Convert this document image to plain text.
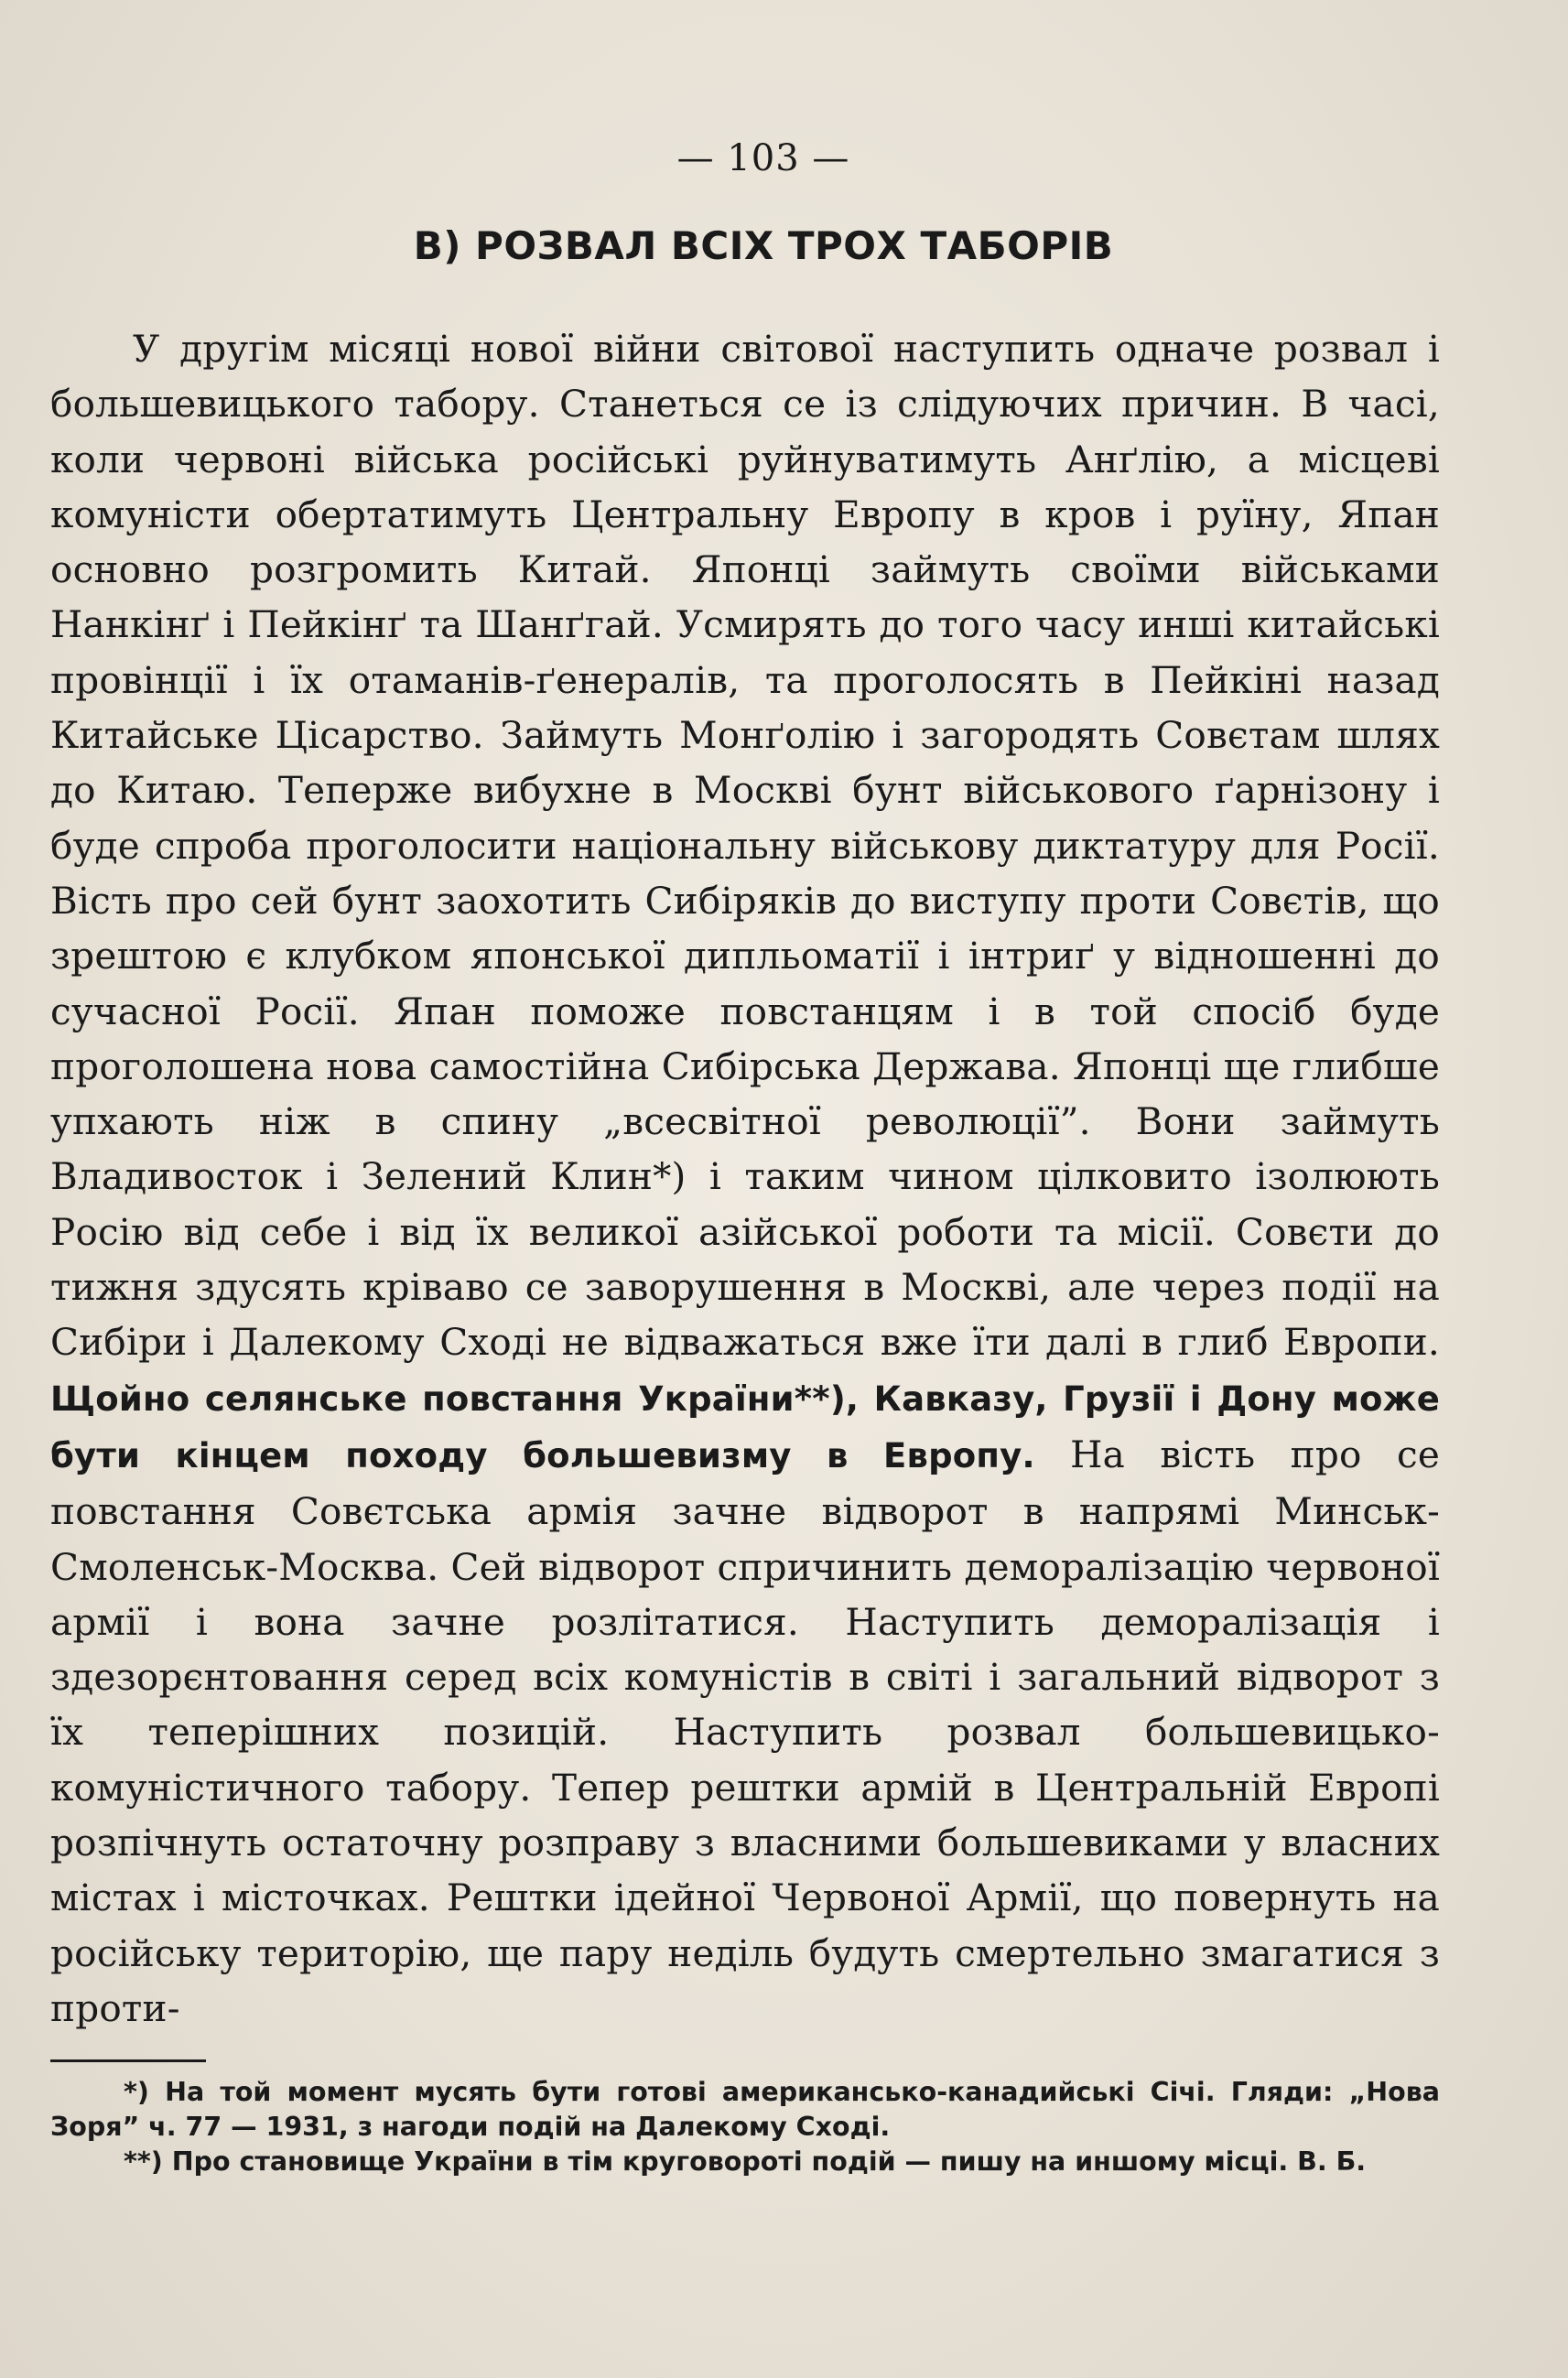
— 103 —
В) РОЗВАЛ ВСІХ ТРОХ ТАБОРІВ

У другім місяці нової війни світової наступить одначе розвал і большевицького табору. Станеться се із слідуючих причин. В часі, коли червоні війська російські руйнуватимуть Анґлію, а місцеві комуністи обертатимуть Центральну Европу в кров і руїну, Япан основно розгромить Китай. Японці займуть своїми військами Нанкінґ і Пейкінґ та Шанґгай. Усмирять до того часу инші китайські провінції і їх отаманів-ґенералів, та проголосять в Пейкіні назад Китайське Цісарство. Займуть Монґолію і загородять Совєтам шлях до Китаю. Теперже вибухне в Москві бунт військового ґарнізону і буде спроба проголосити національну військову диктатуру для Росії. Вість про сей бунт заохотить Сибіряків до виступу проти Совєтів, що зрештою є клубком японської дипльоматії і інтриґ у відношенні до сучасної Росії. Япан поможе повстанцям і в той спосіб буде проголошена нова самостійна Сибірська Держава. Японці ще глибше упхають ніж в спину „всесвітної революції”. Вони займуть Владивосток і Зелений Клин*) і таким чином цілковито ізолюють Росію від себе і від їх великої азійської роботи та місії. Совєти до тижня здусять кріваво се заворушення в Москві, але через події на Сибіри і Далекому Сході не відважаться вже їти далі в глиб Европи. Щойно селянське повстання України**), Кавказу, Грузії і Дону може бути кінцем походу большевизму в Европу. На вість про се повстання Совєтська армія зачне відворот в напрямі Минськ-Смоленськ-Москва. Сей відворот спричинить деморалізацію червоної армії і вона зачне розлітатися. Наступить деморалізація і здезорєнтовання серед всіх комуністів в світі і загальний відворот з їх теперішних позицій. Наступить розвал большевицько-комуністичного табору. Тепер рештки армій в Центральній Европі розпічнуть остаточну розправу з власними большевиками у власних містах і місточках. Рештки ідейної Червоної Армії, що повернуть на російську територію, ще пару неділь будуть смертельно змагатися з проти-

*) На той момент мусять бути готові американсько-канадийські Січі. Гляди: „Нова Зоря” ч. 77 — 1931, з нагоди подій на Далекому Сході.

**) Про становище України в тім круговороті подій — пишу на иншому місці. В. Б.
